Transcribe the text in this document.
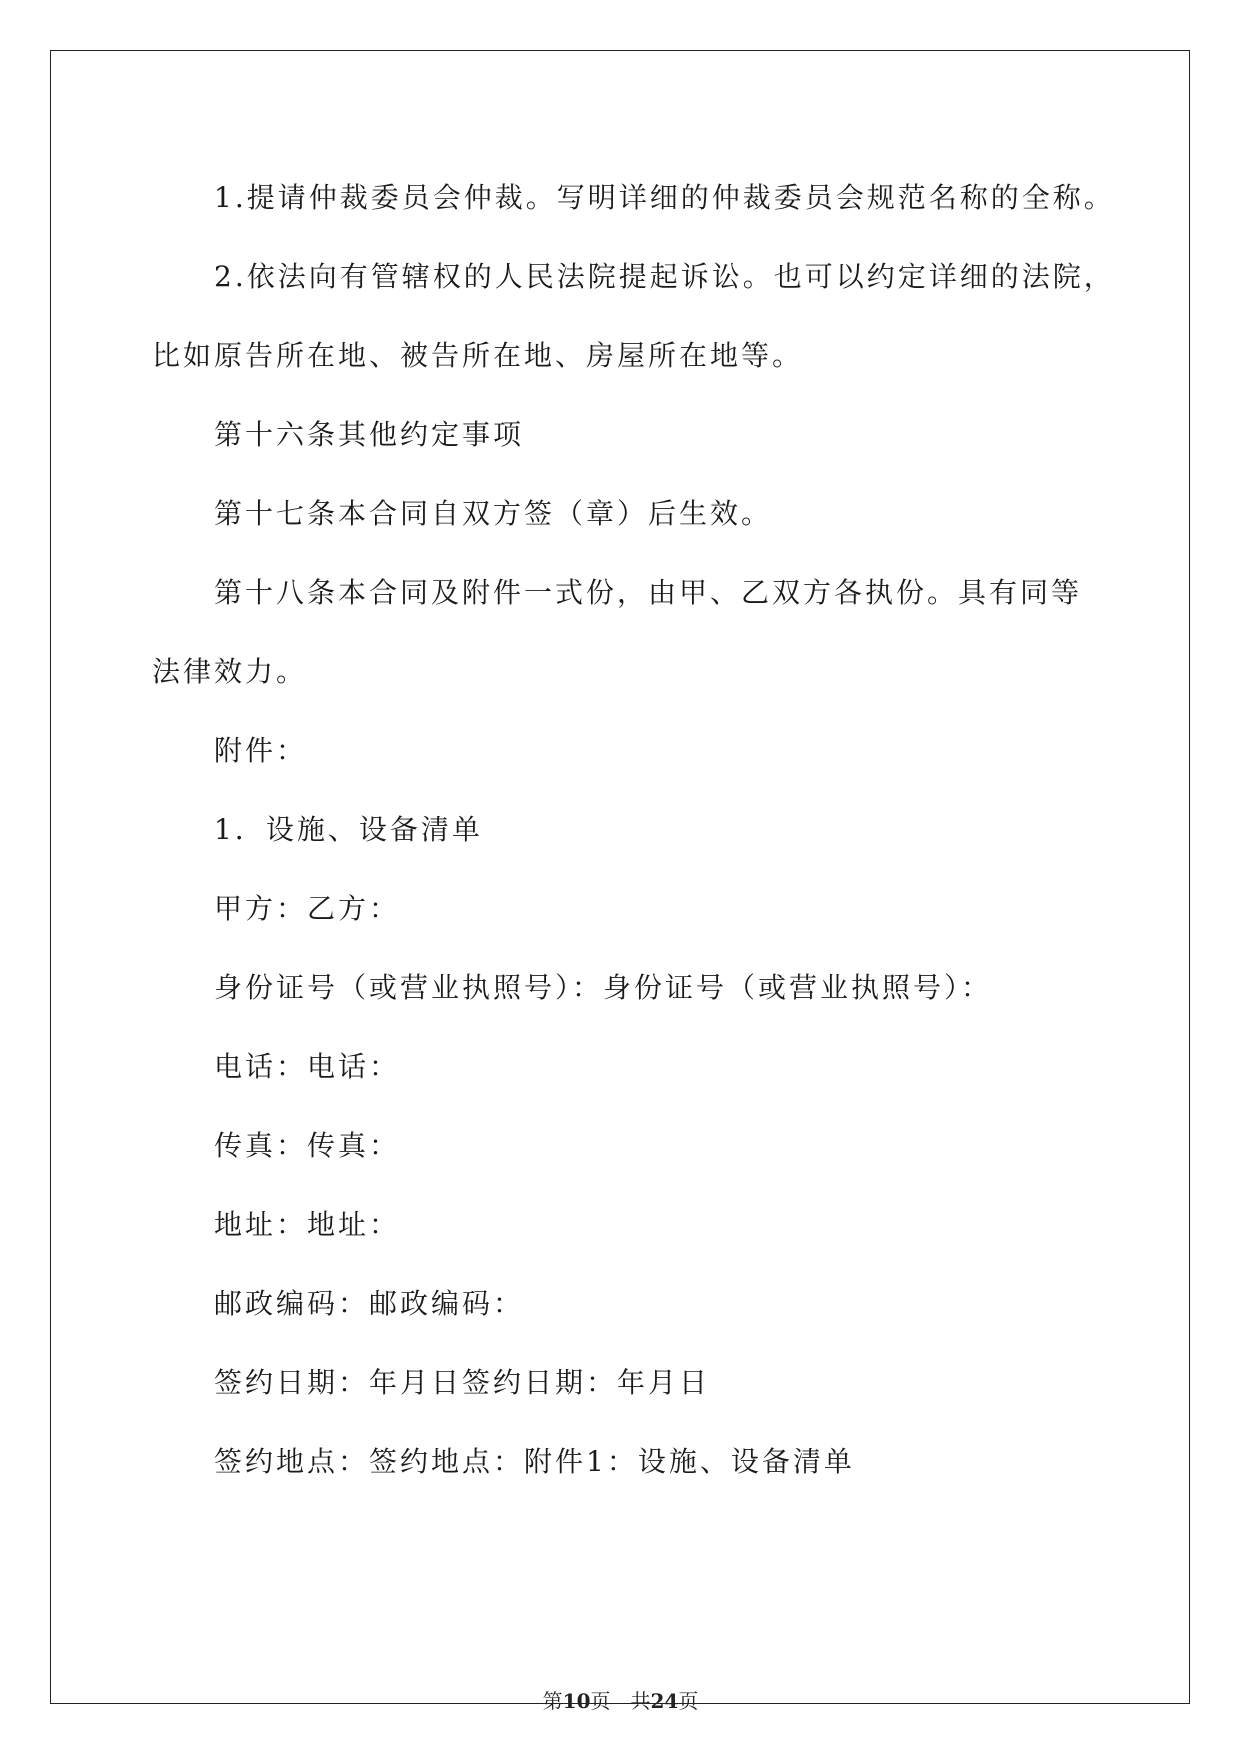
1.提请仲裁委员会仲裁。写明详细的仲裁委员会规范名称的全称。

2.依法向有管辖权的人民法院提起诉讼。也可以约定详细的法院，

比如原告所在地、被告所在地、房屋所在地等。

第十六条其他约定事项

第十七条本合同自双方签（章）后生效。

第十八条本合同及附件一式份，由甲、乙双方各执份。具有同等

法律效力。

附件：

1．设施、设备清单

甲方：乙方：

身份证号（或营业执照号）：身份证号（或营业执照号）：

电话：电话：

传真：传真：

地址：地址：

邮政编码：邮政编码：

签约日期：年月日签约日期：年月日

签约地点：签约地点：附件1：设施、设备清单

第10页　共24页
